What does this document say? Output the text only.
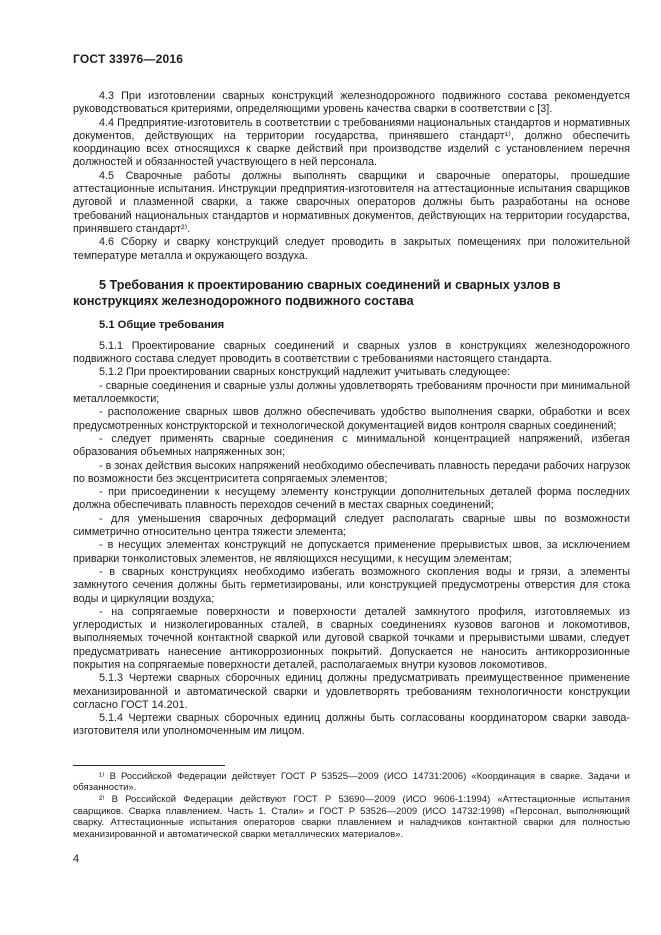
ГОСТ 33976—2016

4.3 При изготовлении сварных конструкций железнодорожного подвижного состава рекомендуется руководствоваться критериями, определяющими уровень качества сварки в соответствии с [3].

4.4 Предприятие-изготовитель в соответствии с требованиями национальных стандартов и нормативных документов, действующих на территории государства, принявшего стандарт¹⁾, должно обеспечить координацию всех относящихся к сварке действий при производстве изделий с установлением перечня должностей и обязанностей участвующего в ней персонала.

4.5 Сварочные работы должны выполнять сварщики и сварочные операторы, прошедшие аттестационные испытания. Инструкции предприятия-изготовителя на аттестационные испытания сварщиков дуговой и плазменной сварки, а также сварочных операторов должны быть разработаны на основе требований национальных стандартов и нормативных документов, действующих на территории государства, принявшего стандарт²⁾.

4.6 Сборку и сварку конструкций следует проводить в закрытых помещениях при положительной температуре металла и окружающего воздуха.

5 Требования к проектированию сварных соединений и сварных узлов в конструкциях железнодорожного подвижного состава
5.1 Общие требования

5.1.1 Проектирование сварных соединений и сварных узлов в конструкциях железнодорожного подвижного состава следует проводить в соответствии с требованиями настоящего стандарта.

5.1.2 При проектировании сварных конструкций надлежит учитывать следующее:

- сварные соединения и сварные узлы должны удовлетворять требованиям прочности при минимальной металлоемкости;

- расположение сварных швов должно обеспечивать удобство выполнения сварки, обработки и всех предусмотренных конструкторской и технологической документацией видов контроля сварных соединений;

- следует применять сварные соединения с минимальной концентрацией напряжений, избегая образования объемных напряженных зон;

- в зонах действия высоких напряжений необходимо обеспечивать плавность передачи рабочих нагрузок по возможности без эксцентриситета сопрягаемых элементов;

- при присоединении к несущему элементу конструкции дополнительных деталей форма последних должна обеспечивать плавность переходов сечений в местах сварных соединений;

- для уменьшения сварочных деформаций следует располагать сварные швы по возможности симметрично относительно центра тяжести элемента;

- в несущих элементах конструкций не допускается применение прерывистых швов, за исключением приварки тонколистовых элементов, не являющихся несущими, к несущим элементам;

- в сварных конструкциях необходимо избегать возможного скопления воды и грязи, а элементы замкнутого сечения должны быть герметизированы, или конструкцией предусмотрены отверстия для стока воды и циркуляции воздуха;

- на сопрягаемые поверхности и поверхности деталей замкнутого профиля, изготовляемых из углеродистых и низколегированных сталей, в сварных соединениях кузовов вагонов и локомотивов, выполняемых точечной контактной сваркой или дуговой сваркой точками и прерывистыми швами, следует предусматривать нанесение антикоррозионных покрытий. Допускается не наносить антикоррозионные покрытия на сопрягаемые поверхности деталей, располагаемых внутри кузовов локомотивов.

5.1.3 Чертежи сварных сборочных единиц должны предусматривать преимущественное применение механизированной и автоматической сварки и удовлетворять требованиям технологичности конструкции согласно ГОСТ 14.201.

5.1.4 Чертежи сварных сборочных единиц должны быть согласованы координатором сварки завода-изготовителя или уполномоченным им лицом.

¹⁾ В Российской Федерации действует ГОСТ Р 53525—2009 (ИСО 14731:2006) «Координация в сварке. Задачи и обязанности».

²⁾ В Российской Федерации действуют ГОСТ Р 53690—2009 (ИСО 9606-1:1994) «Аттестационные испытания сварщиков. Сварка плавлением. Часть 1. Стали» и ГОСТ Р 53526—2009 (ИСО 14732:1998) «Персонал, выполняющий сварку. Аттестационные испытания операторов сварки плавлением и наладчиков контактной сварки для полностью механизированной и автоматической сварки металлических материалов».

4
